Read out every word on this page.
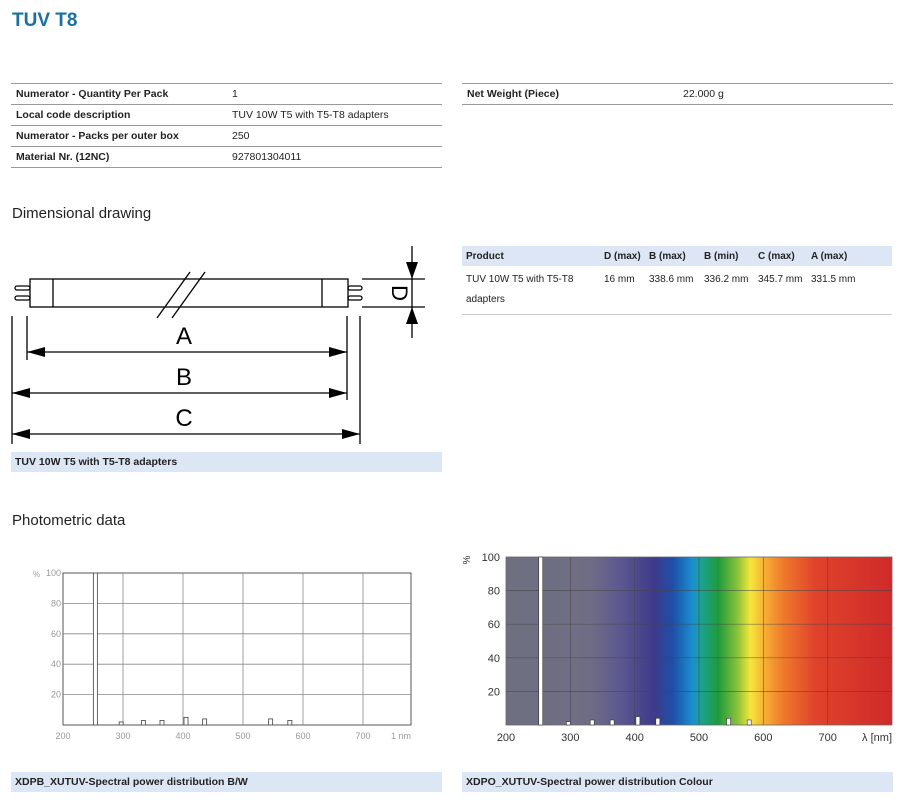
TUV T8
Numerator - Quantity Per Pack	1
Local code description	TUV 10W T5 with T5-T8 adapters
Numerator - Packs per outer box	250
Material Nr. (12NC)	927801304011
Net Weight (Piece)	22.000 g
Dimensional drawing
A
B
C
D
TUV 10W T5 with T5-T8 adapters
Product	D (max)	B (max)	B (min)	C (max)	A (max)
TUV 10W T5 with T5-T8 adapters	16 mm	338.6 mm	336.2 mm	345.7 mm	331.5 mm
Photometric data
100
80
60
40
20
%
200	300	400	500	600	700 1 nm
XDPB_XUTUV-Spectral power distribution B/W
100
80
60
40
20
%
200	300	400	500	600	700 λ [nm]
XDPO_XUTUV-Spectral power distribution Colour
